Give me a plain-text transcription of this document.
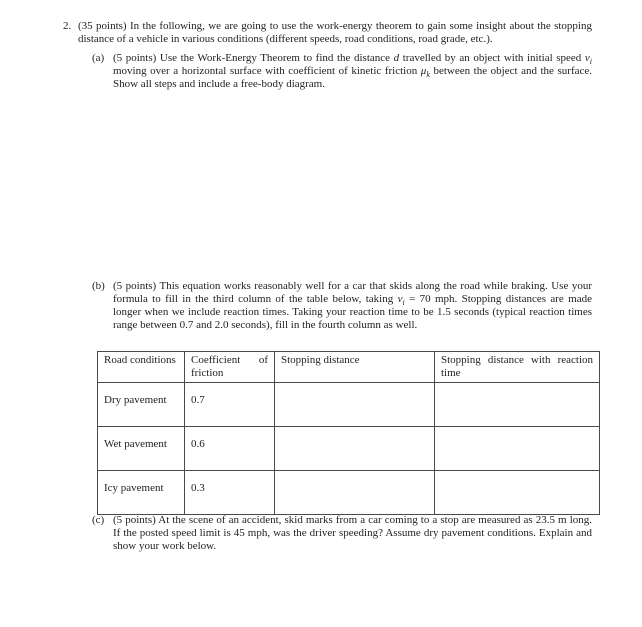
2. (35 points) In the following, we are going to use the work-energy theorem to gain some insight about the stopping distance of a vehicle in various conditions (different speeds, road conditions, road grade, etc.).

(a) (5 points) Use the Work-Energy Theorem to find the distance d travelled by an object with initial speed $v_i$ moving over a horizontal surface with coefficient of kinetic friction $\mu_k$ between the object and the surface. Show all steps and include a free-body diagram.

(b) (5 points) This equation works reasonably well for a car that skids along the road while braking. Use your formula to fill in the third column of the table below, taking $v_i = 70$ mph. Stopping distances are made longer when we include reaction times. Taking your reaction time to be 1.5 seconds (typical reaction times range between 0.7 and 2.0 seconds), fill in the fourth column as well.

Road conditions	Coefficient of friction	Stopping distance	Stopping distance with reaction time
Dry pavement	0.7		
Wet pavement	0.6		
Icy pavement	0.3		
(c) (5 points) At the scene of an accident, skid marks from a car coming to a stop are measured as 23.5 m long. If the posted speed limit is 45 mph, was the driver speeding? Assume dry pavement conditions. Explain and show your work below.
